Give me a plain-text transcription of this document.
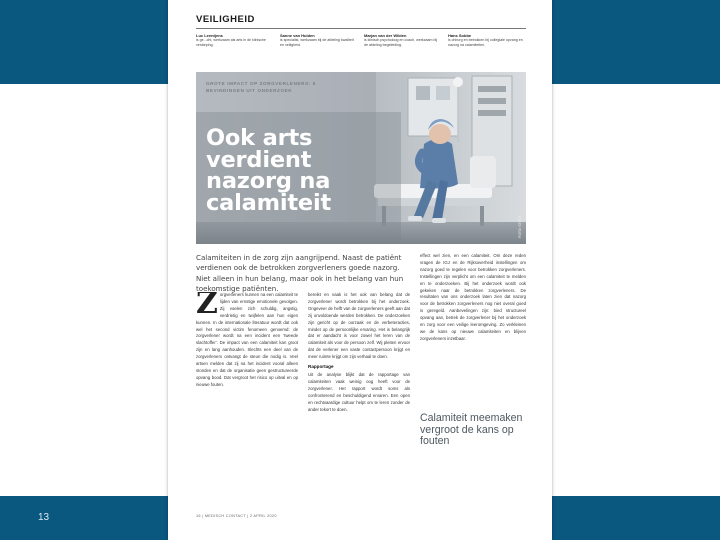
13
VEILIGHEID
Luc Leentjens
is ge...cht, werkzaam als arts in de klinische verdieping.
Sanne van Hulden
is specialist, werkzaam bij de afdeling kwaliteit en veiligheid.
Marjan van der Wilden
is klinisch psycholoog en coach, werkzaam bij de afdeling begeleiding.
Hans Sobbe
is chirurg en betrokken bij collegiale opvang en nazorg na calamiteiten.
GROTE IMPACT OP ZORGVERLENERS: 5 BEVINDINGEN UIT ONDERZOEK
Ook arts verdient nazorg na calamiteit
FOTO: STOCK
Calamiteiten in de zorg zijn aangrijpend. Naast de patiënt verdienen ook de betrokken zorgverleners goede nazorg. Niet alleen in hun belang, maar ook in het belang van hun toekomstige patiënten.
Z orgverleners kunnen na een calamiteit te lijden van ernstige emotionele gevolgen. Zij voelen zich schuldig, angstig, verdrietig en twijfelen aan hun eigen kunnen. In de internationale literatuur wordt dat ook wel het second victim fenomeen genoemd: de zorgverlener wordt na een incident een 'tweede slachtoffer'. De impact van een calamiteit kan groot zijn en lang aanhouden. Slechts een deel van de zorgverleners ontvangt de steun die nodig is. Veel artsen melden dat zij na het incident vooral alleen stonden en dat de organisatie geen gestructureerde opvang bood. Dat vergroot het risico op uitval en op nieuwe fouten.

bereikt en vaak is het ook van belang dat de zorgverlener wordt betrokken bij het onderzoek. Ongeveer de helft van de zorgverleners geeft aan dat zij onvoldoende werden betrokken. De onderzoeken zijn gericht op de oorzaak en de verbeteracties, minder op de persoonlijke ervaring. Het is belangrijk dat er aandacht is voor zowel het leren van de calamiteit als voor de persoon zelf. Wij pleiten ervoor dat de verlener een vaste contactpersoon krijgt en meer ruimte krijgt om zijn verhaal te doen.

Rapportage

Uit de analyse blijkt dat de rapportage van calamiteiten vaak weinig oog heeft voor de zorgverlener. Het rapport wordt soms als confronterend en beschuldigend ervaren. Een open en rechtvaardige cultuur helpt om te leren zonder de ander tekort te doen.

effect wel zien, en een calamiteit. Om deze reden vragen de IGJ en de Rijksoverheid instellingen om nazorg goed te regelen voor betrokken zorgverleners. Instellingen zijn verplicht om een calamiteit te melden en te onderzoeken. Bij het onderzoek wordt ook gekeken naar de betrokken zorgverleners. De resultaten van ons onderzoek laten zien dat nazorg voor de betrokken zorgverleners nog niet overal goed is geregeld. Aanbevelingen zijn: bied structureel opvang aan, betrek de zorgverlener bij het onderzoek en zorg voor een veilige leeromgeving. Zo verkleinen we de kans op nieuwe calamiteiten en blijven zorgverleners inzetbaar.

Calamiteit meemaken vergroot de kans op fouten
16 | MEDISCH CONTACT | 2 APRIL 2020
